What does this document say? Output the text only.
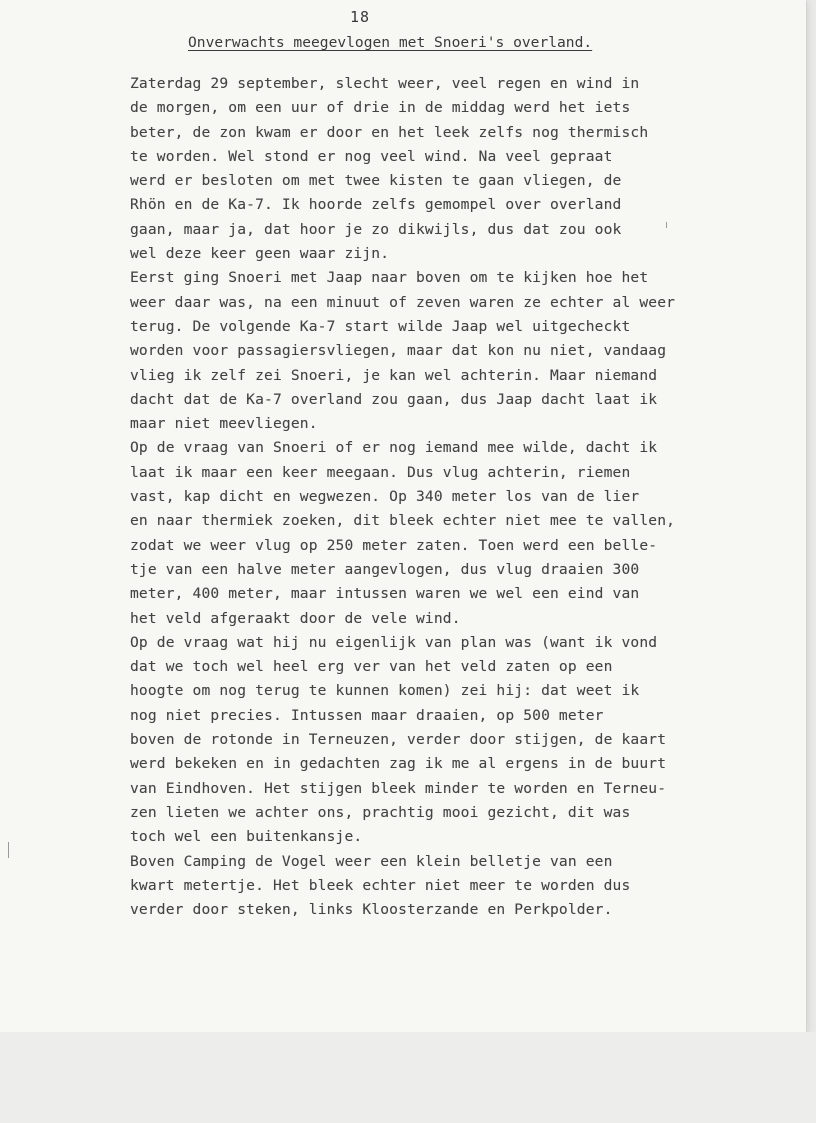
18
Onverwachts meegevlogen met Snoeri's overland.
Zaterdag 29 september, slecht weer, veel regen en wind in
de morgen, om een uur of drie in de middag werd het iets
beter, de zon kwam er door en het leek zelfs nog thermisch
te worden. Wel stond er nog veel wind. Na veel gepraat
werd er besloten om met twee kisten te gaan vliegen, de
Rhön en de Ka-7. Ik hoorde zelfs gemompel over overland
gaan, maar ja, dat hoor je zo dikwijls, dus dat zou ook
wel deze keer geen waar zijn.
Eerst ging Snoeri met Jaap naar boven om te kijken hoe het
weer daar was, na een minuut of zeven waren ze echter al weer
terug. De volgende Ka-7 start wilde Jaap wel uitgecheckt
worden voor passagiersvliegen, maar dat kon nu niet, vandaag
vlieg ik zelf zei Snoeri, je kan wel achterin. Maar niemand
dacht dat de Ka-7 overland zou gaan, dus Jaap dacht laat ik
maar niet meevliegen.
Op de vraag van Snoeri of er nog iemand mee wilde, dacht ik
laat ik maar een keer meegaan. Dus vlug achterin, riemen
vast, kap dicht en wegwezen. Op 340 meter los van de lier
en naar thermiek zoeken, dit bleek echter niet mee te vallen,
zodat we weer vlug op 250 meter zaten. Toen werd een belle-
tje van een halve meter aangevlogen, dus vlug draaien 300
meter, 400 meter, maar intussen waren we wel een eind van
het veld afgeraakt door de vele wind.
Op de vraag wat hij nu eigenlijk van plan was (want ik vond
dat we toch wel heel erg ver van het veld zaten op een
hoogte om nog terug te kunnen komen) zei hij: dat weet ik
nog niet precies. Intussen maar draaien, op 500 meter
boven de rotonde in Terneuzen, verder door stijgen, de kaart
werd bekeken en in gedachten zag ik me al ergens in de buurt
van Eindhoven. Het stijgen bleek minder te worden en Terneu-
zen lieten we achter ons, prachtig mooi gezicht, dit was
toch wel een buitenkansje.
Boven Camping de Vogel weer een klein belletje van een
kwart metertje. Het bleek echter niet meer te worden dus
verder door steken, links Kloosterzande en Perkpolder.
